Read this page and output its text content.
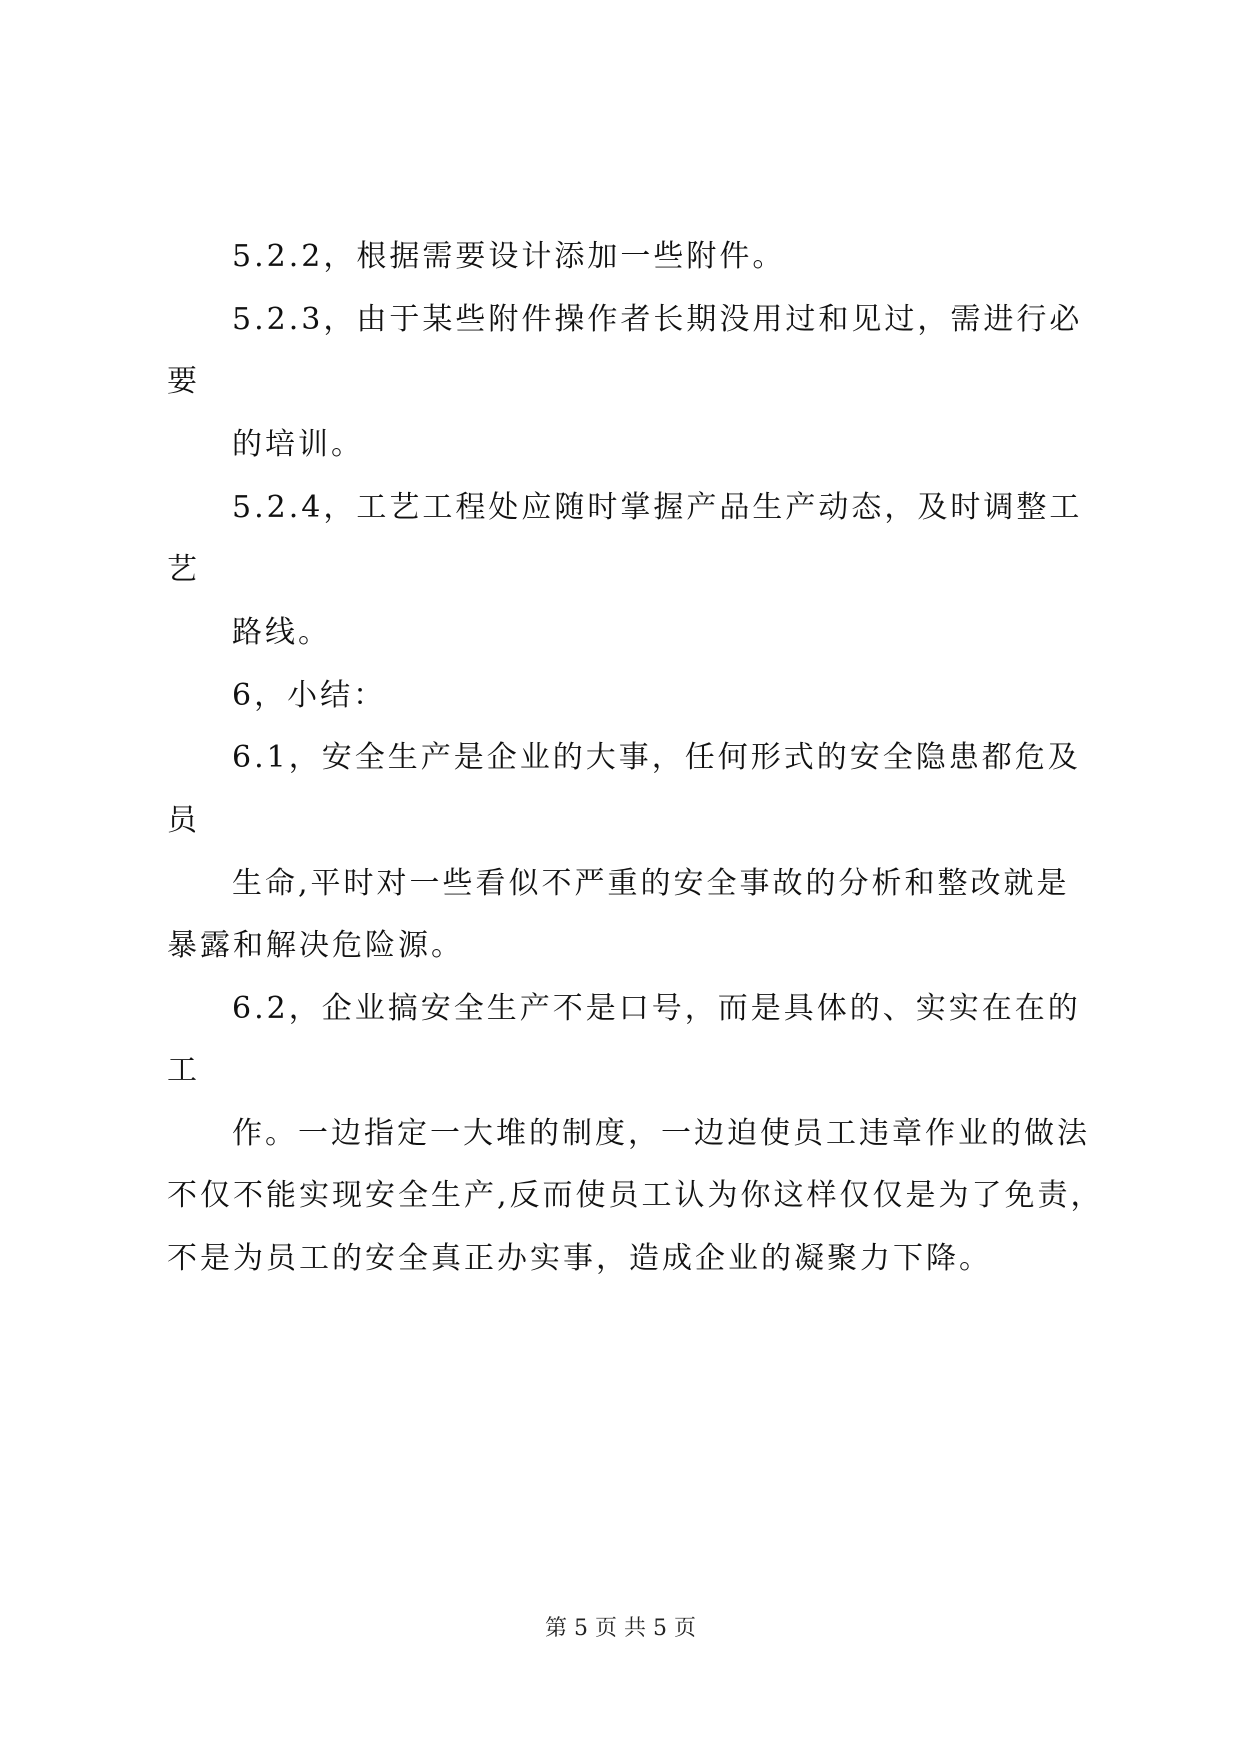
5.2.2，根据需要设计添加一些附件。
5.2.3，由于某些附件操作者长期没用过和见过，需进行必
要
的培训。
5.2.4，工艺工程处应随时掌握产品生产动态，及时调整工
艺
路线。
6，小结：
6.1，安全生产是企业的大事，任何形式的安全隐患都危及
员
生命,平时对一些看似不严重的安全事故的分析和整改就是
暴露和解决危险源。
6.2，企业搞安全生产不是口号，而是具体的、实实在在的
工
作。一边指定一大堆的制度，一边迫使员工违章作业的做法
不仅不能实现安全生产,反而使员工认为你这样仅仅是为了免责，
不是为员工的安全真正办实事，造成企业的凝聚力下降。
第 5 页 共 5 页
